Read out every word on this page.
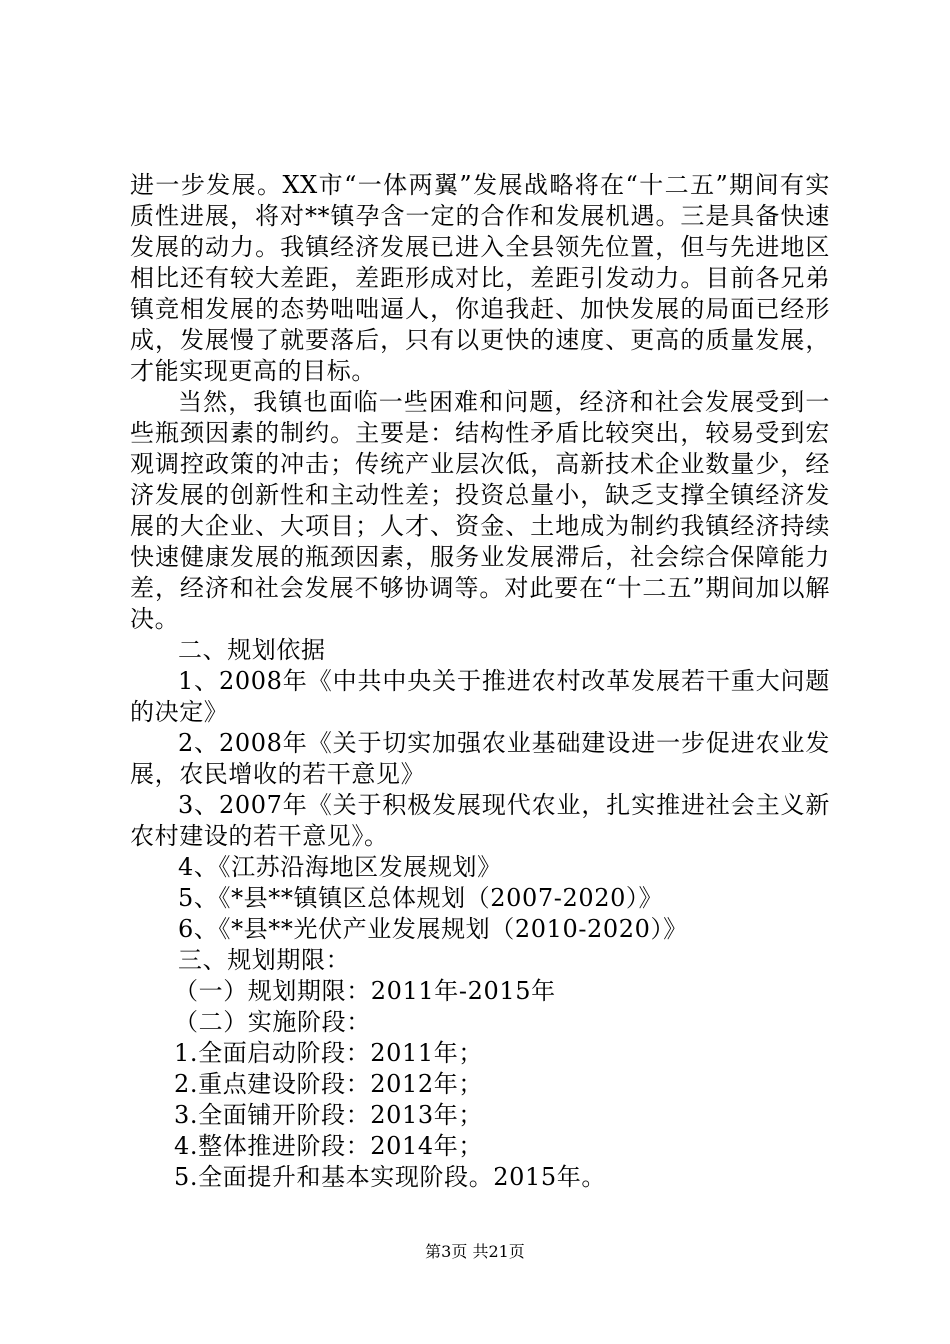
进一步发展。XX市“一体两翼”发展战略将在“十二五”期间有实质性进展，将对**镇孕含一定的合作和发展机遇。三是具备快速发展的动力。我镇经济发展已进入全县领先位置，但与先进地区相比还有较大差距，差距形成对比，差距引发动力。目前各兄弟镇竞相发展的态势咄咄逼人，你追我赶、加快发展的局面已经形成，发展慢了就要落后，只有以更快的速度、更高的质量发展，才能实现更高的目标。

当然，我镇也面临一些困难和问题，经济和社会发展受到一些瓶颈因素的制约。主要是：结构性矛盾比较突出，较易受到宏观调控政策的冲击；传统产业层次低，高新技术企业数量少，经济发展的创新性和主动性差；投资总量小，缺乏支撑全镇经济发展的大企业、大项目；人才、资金、土地成为制约我镇经济持续快速健康发展的瓶颈因素，服务业发展滞后，社会综合保障能力差，经济和社会发展不够协调等。对此要在“十二五”期间加以解决。

二、规划依据

1、2008年《中共中央关于推进农村改革发展若干重大问题的决定》

2、2008年《关于切实加强农业基础建设进一步促进农业发展，农民增收的若干意见》

3、2007年《关于积极发展现代农业，扎实推进社会主义新农村建设的若干意见》。

4、《江苏沿海地区发展规划》

5、《*县**镇镇区总体规划（2007-2020）》

6、《*县**光伏产业发展规划（2010-2020）》

三、规划期限：

（一）规划期限：2011年-2015年

（二）实施阶段：

1.全面启动阶段：2011年；

2.重点建设阶段：2012年；

3.全面铺开阶段：2013年；

4.整体推进阶段：2014年；

5.全面提升和基本实现阶段。2015年。

第3页 共21页
